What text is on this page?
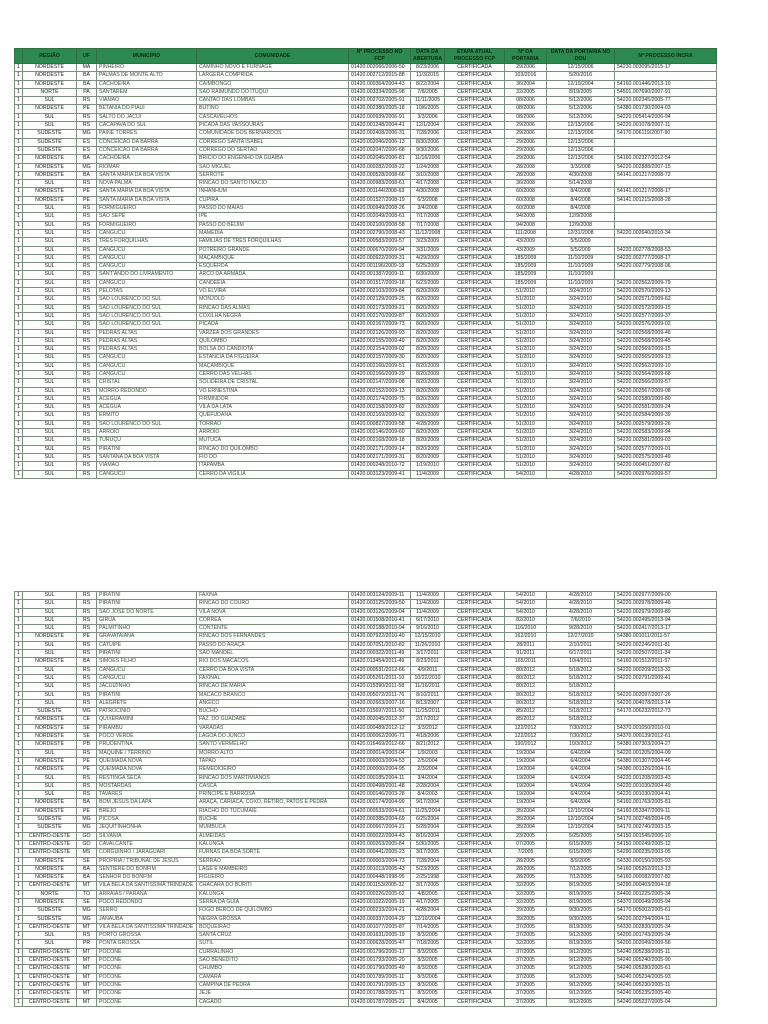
	REGIÃO	UF	MUNICÍPIO	COMUNIDADE	Nº PROCESSO NO FCP	DATA DA ABERTURA	ETAPA ATUAL PROCESSO FCP	Nº DA PORTARIA	DATA DA PORTARIA NO DOU	Nº PROCESSO INCRA
1	NORDESTE	MA	PINHEIRO	CAMINHO NOVO E FURNAGE	01420.002066/2006-50	8/23/2006	CERTIFICADA	29/2006	12/15/2006	54230.003095/2015-17
1	NORDESTE	BA	PALMAS DE MONTE ALTO	LARGERA COMPRIDA	01420.002712/2015-88	11/3/2015	CERTIFICADA	103/2016	5/20/2016	
1	NORDESTE	BA	CACHOEIRA	CAIMBONGO	01420.000364/2004-43	8/22/2004	CERTIFICADA	36/2004	12/10/2004	54160.001446/2013-10
1	NORTE	PA	SANTAREM	SAO RAIMUNDO DO ITUQUI	01420.003334/2005-98	7/8/2005	CERTIFICADA	32/2005	8/19/2005	54501.007690/2007-91
1	SUL	RS	VIAMAO	CANTAO DAS LOMBAS	01420.002702/2005-91	11/11/2005	CERTIFICADA	08/2006	5/12/2006	54220.002345/2005-77
1	NORDESTE	PE	BETANIA DO PIAUI	BUTINO	01420.002380/2005-18	10/6/2005	CERTIFICADA	08/2006	5/12/2006	54380.001730/2004-03
1	SUL	RS	SALTO DO JACUI	CASCAVELHOS	01420.000939/2006-91	3/3/2006	CERTIFICADA	08/2006	5/12/2006	54220.005414/2006-94
1	SUL	RS	CACAPAVA DO SUL	PICADA DAS VASSOURAS	01420.001248/2004-41	12/1/2004	CERTIFICADA	29/2006	12/13/2006	54220.001078/2007-11
1	SUDESTE	MG	PAINE TORRES	COMUNIDADE DOS BERNARDOS	01420.002408/2006-31	7/28/2006	CERTIFICADA	29/2006	12/13/2006	54170.006119/2007-90
1	SUDESTE	ES	CONCEICAO DA BARRA	CORREGO SANTA ISABEL	01420.002046/2006-13	8/30/2006	CERTIFICADA	29/2006	12/13/2006	
1	SUDESTE	ES	CONCEICAO DA BARRA	CORREGO DO SERTAO	01420.002047/2006-68	9/30/2006	CERTIFICADA	29/2006	12/13/2006	
1	NORDESTE	BA	CACHOEIRA	BRICIO DO ENGENHO DA GUAIBA	01420.002045/2006-81	11/16/2006	CERTIFICADA	29/2006	12/13/2006	54160.002327/2012-54
1	NORDESTE	MG	RIOMAR	SAO MIGUEL	01420.000282/2008-22	1/24/2008	CERTIFICADA	28/2008	3/3/2008	54220.002888/2007-15
1	NORDESTE	BA	SANTA MARIA DA BOA VISTA	SERROTE	01420.000528/2008-66	3/10/2008	CERTIFICADA	28/2008	4/30/2008	54141.001217/2008-72
1	SUL	RS	NOVA PALMA	RINCAO DO SANTO INACIO	01420.000983/2008-61	4/17/2008	CERTIFICADA	36/2008	5/14/2008	
1	NORDESTE	PE	SANTA MARIA DA BOA VISTA	INHANHUM	01420.001144/2008-63	4/30/2008	CERTIFICADA	60/2008	8/4/2008	54141.001217/2008-17
1	NORDESTE	PE	SANTA MARIA DA BOA VISTA	CUPIRA	01420.001527/2008-19	6/3/2008	CERTIFICADA	60/2008	8/4/2008	54141.001215/2008-28
1	SUL	RS	FORMIGUEIRO	PASSO DO MAIAS	01420.000949/2008-26	3/4/2008	CERTIFICADA	60/2008	8/4/2008	
1	SUL	RS	SAO SEPE	IPE	01420.002049/2008-61	7/17/2008	CERTIFICADA	94/2008	12/9/2008	
1	SUL	RS	FORMIGUEIRO	PASSO DO BEIJIM	01420.002100/2008-58	7/17/2008	CERTIFICADA	94/2008	12/9/2008	
1	SUL	RS	CANGUCU	MAMEDIA	01420.002790/2008-43	11/12/2008	CERTIFICADA	111/2008	12/31/2008	54220.002640/2010-34
1	SUL	RS	TRES FORQUILHAS	FAMILIAS DE TRES FORQUILHAS	01420.000583/2009-57	3/23/2009	CERTIFICADA	43/2009	5/5/2009	
1	SUL	RS	CANGUCU	POTREIRO GRANDE	01420.000670/2009-94	3/31/2009	CERTIFICADA	43/2009	5/5/2009	54220.002778/2008-53
1	SUL	RS	CANGUCU	MAÇAMBIQUE	01420.000922/2009-31	4/29/2009	CERTIFICADA	185/2009	11/10/2009	54220.002777/2008-17
1	SUL	RS	CANGUCU	ESQUERDA	01420.001196/2009-18	5/25/2009	CERTIFICADA	185/2009	11/10/2009	54220.002779/2008-06
1	SUL	RS	SANT'ANDO DO LIVRAMENTO	ARCO DA ARMADA	01420.001387/2009-11	6/30/2009	CERTIFICADA	185/2009	11/10/2009	
1	SUL	RS	CANGUCU	CANDEEIA	01420.001517/2009-18	6/23/2009	CERTIFICADA	185/2009	11/10/2009	54220.002562/2009-79
1	SUL	RS	PELOTAS	VO ELVIRA	01420.002103/2009-84	8/20/2009	CERTIFICADA	51/2010	3/24/2010	54220.002570/2009-13
1	SUL	RS	SAO LOURENCO DO SUL	MONJOLO	01420.002129/2009-25	8/20/2009	CERTIFICADA	51/2010	3/24/2010	54220.002571/2009-62
1	SUL	RS	SAO LOURENCO DO SUL	RINCAO DAS ALMAS	01420.002173/2009-21	8/20/2009	CERTIFICADA	51/2010	3/24/2010	54220.002572/2009-15
1	SUL	RS	SAO LOURENCO DO SUL	COXILHA NEGRA	01420.002170/2009-87	8/20/2009	CERTIFICADA	51/2010	3/24/2010	54220.002577/2009-37
1	SUL	RS	SAO LOURENCO DO SUL	PICADA	01420.002167/2009-73	8/20/2009	CERTIFICADA	51/2010	3/24/2010	54220.002576/2009-02
1	SUL	RS	PEDRAS ALTAS	VARZEA DOS GRANDES	01420.002126/2009-93	8/20/2009	CERTIFICADA	51/2010	3/24/2010	54220.002568/2009-46
1	SUL	RS	PEDRAS ALTAS	QUILOMBO	01420.002155/2009-49	8/20/2009	CERTIFICADA	51/2010	3/24/2010	54220.002568/2009-45
1	SUL	RS	PEDRAS ALTAS	BOLSA DO CANDIOTA	01420.002154/2009-02	8/20/2009	CERTIFICADA	51/2010	3/24/2010	54220.002569/2009-15
1	SUL	RS	CANGUCU	ESTANCIA DA FIGUEIRA	01420.002157/2009-30	8/20/2009	CERTIFICADA	51/2010	3/24/2010	54220.002565/2009-13
1	SUL	RS	CANGUCU	MAÇAMBIQUE	01420.002160/2009-51	8/20/2009	CERTIFICADA	51/2010	3/24/2010	54220.002562/2009-10
1	SUL	RS	CANGUCU	CERRO DAS VELHAS	01420.002166/2009-29	8/20/2009	CERTIFICADA	51/2010	3/24/2010	54220.002564/2009-68
1	SUL	RS	CRISTAL	SOLIDEIRA DE CRISTAL	01420.002147/2009-08	8/20/2009	CERTIFICADA	51/2010	3/24/2010	54220.002566/2009-57
1	SUL	RS	MORRO REDONDO	VO ERNESTINA	01420.002152/2009-13	8/20/2009	CERTIFICADA	51/2010	3/24/2010	54220.002567/2009-08
1	SUL	RS	ACEGUA	FIRMINDOR	01420.002174/2009-75	8/20/2009	CERTIFICADA	51/2010	3/24/2010	54220.002580/2009-80
1	SUL	RS	ACEGUA	VILA DA LATA	01420.002158/2009-82	8/20/2009	CERTIFICADA	51/2010	3/24/2010	54220.002581/2009-24
1	SUL	RS	ERMITO	QUEFUDANA	01420.002169/2009-62	8/20/2009	CERTIFICADA	51/2010	3/24/2010	54220.002584/2009-39
1	SUL	RS	SAO LOURENCO DO SUL	TORRAO	01420.000827/2009-58	4/28/2009	CERTIFICADA	51/2010	3/24/2010	54220.002579/2009-26
1	SUL	RS	ARROIO	ARROIO	01420.002146/2009-60	8/20/2009	CERTIFICADA	51/2010	3/24/2010	54220.002583/2009-94
1	SUL	RS	TURUÇU	MUTUCA	01420.002168/2009-18	8/20/2009	CERTIFICADA	51/2010	3/24/2010	54220.002581/2009-03
1	SUL	RS	PIRATINI	RINCAO DO QUILOMBO	01420.002171/2009-14	8/20/2009	CERTIFICADA	51/2010	3/24/2010	54220.002577/2009-01
1	SUL	RS	SANTANA DA BOA VISTA	FIO DO	01420.002171/2009-31	8/20/2009	CERTIFICADA	51/2010	3/24/2010	54220.002575/2009-49
1	SUL	RS	VIAMAO	ITAPAMBA	01420.000248/2010-72	1/19/2010	CERTIFICADA	51/2010	3/24/2010	54220.000451/2007-82
1	SUL	RS	CANGUCU	CERRO DA VIGILIA	01420.003123/2009-41	11/4/2009	CERTIFICADA	54/2010	4/28/2010	54220.002976/2009-57
1	SUL	RS	PIRATINI	FAXINA	01420.003124/2009-11	11/4/2009	CERTIFICADA	54/2010	4/28/2010	54220.002977/2009-00
1	SUL	RS	PIRATINI	RINCAO DO COURO	01420.003125/2009-50	11/4/2009	CERTIFICADA	54/2010	4/28/2010	54220.002978/2009-46
1	SUL	RS	SAO JOSE DO NORTE	VILA NOVA	01420.003126/2009-04	11/4/2009	CERTIFICADA	54/2010	4/28/2010	54220.002979/2009-89
1	SUL	RS	GIRUA	CORREA	01420.001508/2010-41	6/17/2010	CERTIFICADA	82/2010	7/6/2010	54220.002495/2013-94
1	SUL	RS	PALMITINHO	CONTENTE	01420.002188/2010-94	9/16/2010	CERTIFICADA	116/2010	9/28/2010	54220.002417/2013-17
1	NORDESTE	PE	GRAVATAIANA	RINCAO DOS FERNANDES	01420.007922/2010-40	12/15/2010	CERTIFICADA	162/2010	12/27/2010	54380.001011/2011-57
1	SUL	RS	CATUIPE	PASSO DO ARAÇA	01420.007051/2010-82	11/26/2010	CERTIFICADA	28/2011	2/10/2011	54220.002246/2011-81
1	SUL	RS	PIRATINI	SAO MANOEL	01420.000322/2011-49	3/17/2011	CERTIFICADA	91/2011	6/17/2011	54220.002507/2011-34
1	NORDESTE	BA	SIMOES FILHO	RIO DOS MACACOS	01420.013454/2011-49	8/23/2011	CERTIFICADA	165/2011	10/4/2011	54160.001512/2011-57
1	SUL	RS	CANGUCU	CERRO DA BOA VISTA	01420.000531/2012-66	4/9/2011	CERTIFICADA	80/2012	5/18/2012	54220.000209/2013-32
1	SUL	RS	CANGUCU	FAXINAL	01420.005261/2011-10	10/22/2010	CERTIFICADA	80/2012	5/18/2012	54220.002791/2009-41
1	SUL	RS	JACUIZINHO	RINCAO DE MARIA	01420.015390/2011-58	11/16/2011	CERTIFICADA	80/2012	5/18/2012	
1	SUL	RS	PIRATINI	MACACO BRANCO	01420.005072/2011-76	8/10/2011	CERTIFICADA	80/2012	5/18/2012	54220.002097/2007-26
1	SUL	RS	ALEGRETE	ANGICO	01420.002663/2007-16	8/13/2007	CERTIFICADA	80/2012	5/18/2012	54220.004078/2013-14
1	SUDESTE	MG	PATROCINIO	BUCHO	01420.015697/2011-50	11/25/2011	CERTIFICADA	85/2012	5/18/2012	54170.006232/2012-73
1	NORDESTE	CE	QUIXERAMINI	FAZ. DO GUADABE	01420.002045/2012-37	2/17/2012	CERTIFICADA	85/2012	5/18/2012	
1	NORDESTE	SE	PIRAMBU	VARADAS	01420.000489/2012-12	3/3/2012	CERTIFICADA	122/2012	7/30/2012	54370.001050/2010-01
1	NORDESTE	SE	POCO VERDE	LAGOA DO JUNCO	01420.000062/2006-71	4/18/2006	CERTIFICADA	122/2012	7/30/2012	54370.000139/2012-61
1	NORDESTE	PB	PRUDENTINA	SANTO VERMELHO	01420.016469/2012-66	8/21/2012	CERTIFICADA	190/2012	10/3/2012	54380.007303/2004-27
1	SUL	RS	MAQUINE / TERRINO	MORRO ALTO	01420.000014/2003-04	1/9/2003	CERTIFICADA	19/2004	6/4/2004	54220.001205/2004-09
1	NORDESTE	PE	QUEIMADA NOVA	TAPAO	01420.000003/2004-53	2/5/2004	CERTIFICADA	19/2004	6/4/2004	54380.001307/2004-46
1	NORDESTE	PE	QUEIMADA NOVA	REMEDIOEIRO	01420.000000/2004-95	2/3/2004	CERTIFICADA	19/2004	6/4/2004	54380.001326/2004-16
1	SUL	RS	RESTINGA SECA	RINCAO DOS MARTIMIANOS	01420.000185/2004-11	3/4/2004	CERTIFICADA	19/2004	6/4/2004	54220.001208/2003-43
1	SUL	RS	MOSTARDAS	CASCA	01420.000498/2001-48	2/28/2004	CERTIFICADA	19/2004	6/4/2004	54220.001030/2004-49
1	SUL	RS	TAVARES	PRINCIPE E BARROSA	01420.000146/2003-28	8/4/2003	CERTIFICADA	19/2004	6/4/2004	54220.001030/2004-41
1	NORDESTE	BA	BOM JESUS DA LAPA	ARAÇA, CARIACA, COXO, RETIRO, PATOS E PEDRA	01420.002174/2004-99	9/17/2004	CERTIFICADA	19/2004	6/4/2004	54160.001763/2005-81
1	NORDESTE	PE	BREJO	RIACHO DO TUCUMAIE	01420.000533/2004-61	11/25/2004	CERTIFICADA	35/2004	12/10/2004	54160.053347/2009-11
1	SUDESTE	MG	PICOSA	BUCHE	01420.000385/2004-69	6/25/2004	CERTIFICADA	35/2004	12/10/2004	54170.002748/2004-05
1	SUDESTE	MG	JEQUITINHONHA	MUMBUCA	01420.000667/2004-21	5/28/2004	CERTIFICADA	35/2004	12/10/2004	54170.002740/2003-15
1	CENTRO-OESTE	GO	SILVANIA	ALMEIDAS	01420.000022/2004-43	8/16/2004	CERTIFICADA	23/2005	5/25/2005	54150.001545/2006-10
1	CENTRO-OESTE	GO	CAVALCANTE	KALUNGA	01420.000263/2005-84	5/30/2005	CERTIFICADA	07/2005	6/15/2005	54150.000249/2005-12
1	CENTRO-OESTE	MS	CORGUINHO / JARAGUARI	FURNAS DA BOA SORTE	01420.000441/2005-23	3/17/2005	CERTIFICADA	7/2005	6/15/2005	54290.000235/2003-05
1	NORDESTE	SE	PROPRIA / TRIBUNAL DE JESUS	SERRÃO	01420.000003/2004-73	7/28/2004	CERTIFICADA	28/2005	8/9/2005	54330.000150/2005-93
1	NORDESTE	BA	SENTIERE DO BONFIM	LAGE E MAMBEIRO	01420.001013/2005-43	5/23/2005	CERTIFICADA	28/2005	7/12/2005	54160.005262/2013-13
1	NORDESTE	BA	SENHOR DO BONFIM	FIGUEIRO	01420.000448/1998-95	2/25/1998	CERTIFICADA	28/2005	7/12/2005	54160.000082/2007-82
1	CENTRO-OESTE	MT	VILA BELA DA SANTISSIMA TRINDADE	CHACARA DO BURITI	01420.001153/2005-32	3/17/2005	CERTIFICADA	32/2005	8/19/2005	54290.000403/2004-18
1	NORTE	TO	ARRAIAS / PARANA	KALUNGA	01420.000226/2005-62	4/8/2005	CERTIFICADA	32/2005	8/19/2005	54400.001225/2005-34
1	NORDESTE	SE	POCO REDONDO	SERRA DA GUIA	01420.001022/2005-19	4/17/2005	CERTIFICADA	32/2005	8/19/2005	54370.000049/2005-94
1	SUDESTE	MG	SERRO	FOGO BERCO DE QUILOMBO	01420.000233/2004-21	4/28/2004	CERTIFICADA	39/2005	9/30/2005	54170.005002/2005-61
1	SUDESTE	MG	JANAUBA	NEGRA GROSSA	01420.000337/2004-29	12/10/2004	CERTIFICADA	39/2005	9/30/2005	54220.002794/2004-11
1	CENTRO-OESTE	MT	VILA BELA DA SANTISSIMA TRINDADE	BOQUEIRAO	01420.001077/2005-87	7/14/2005	CERTIFICADA	37/2005	8/19/2005	54330.002830/2005-34
1	SUL	RS	PORTO GROSSA	SANTA CRUZ	01420.001631/2005-19	8/3/2005	CERTIFICADA	37/2005	9/12/2005	54200.001743/2005-34
1	SUL	PR	PONTA GROSSA	SUTIL	01420.000628/2005-47	7/18/2005	CERTIFICADA	32/2005	8/19/2005	54200.002049/2009-56
1	CENTRO-OESTE	MT	POCONE	CURRALINHO	01420.001796/2005-17	8/3/2005	CERTIFICADA	37/2005	9/12/2005	54240.005238/2005-11
1	CENTRO-OESTE	MT	POCONE	SAO BENEDITO	01420.001793/2005-20	8/3/2005	CERTIFICADA	37/2005	9/12/2005	54240.005240/2005-90
1	CENTRO-OESTE	MT	POCONE	CHUMBO	01420.001790/2005-49	8/3/2005	CERTIFICADA	37/2005	9/12/2005	54240.005280/2005-61
1	CENTRO-OESTE	MT	POCONE	CAMARA	01420.001789/2005-11	8/3/2005	CERTIFICADA	37/2005	9/12/2005	54240.005234/2005-93
1	CENTRO-OESTE	MT	POCONE	CAMPINA DE PEDRA	01420.001791/2005-13	8/3/2005	CERTIFICADA	37/2005	9/12/2005	54240.005230/2005-11
1	CENTRO-OESTE	MT	POCONE	JEJE	01420.001788/2005-71	8/3/2005	CERTIFICADA	37/2005	9/12/2005	54240.005235/2005-40
1	CENTRO-OESTE	MT	POCONE	CAGADO	01420.001787/2005-21	8/4/2005	CERTIFICADA	37/2005	9/12/2005	54240.005237/2005-04
